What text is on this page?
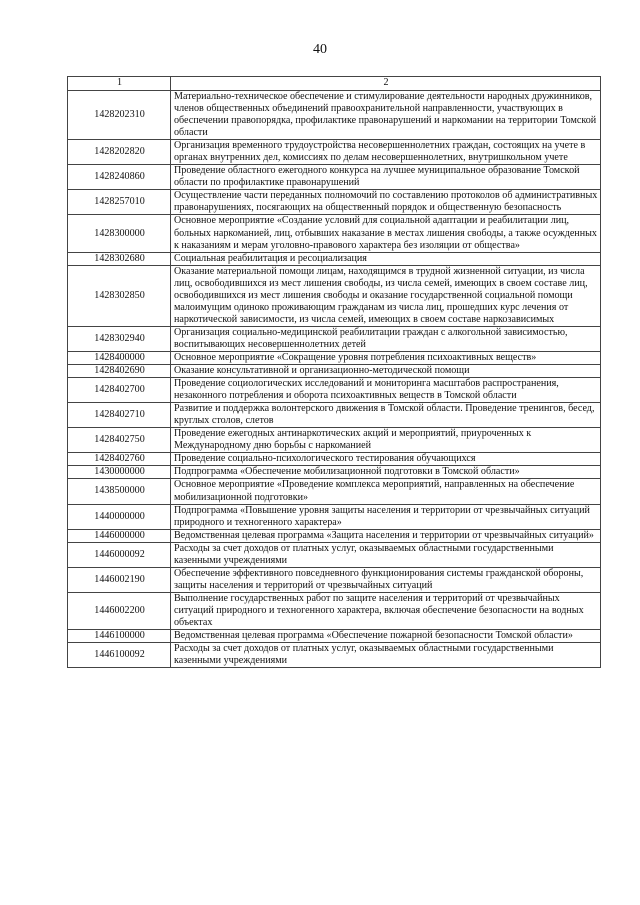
40
1	2
1428202310	Материально-техническое обеспечение и стимулирование деятельности народных дружинников, членов общественных объединений правоохранительной направленности, участвующих в обеспечении правопорядка, профилактике правонарушений и наркомании на территории Томской области
1428202820	Организация временного трудоустройства несовершеннолетних граждан, состоящих на учете в органах внутренних дел, комиссиях по делам несовершеннолетних, внутришкольном учете
1428240860	Проведение областного ежегодного конкурса на лучшее муниципальное образование Томской области по профилактике правонарушений
1428257010	Осуществление части переданных полномочий по составлению протоколов об административных правонарушениях, посягающих на общественный порядок и общественную безопасность
1428300000	Основное мероприятие «Создание условий для социальной адаптации и реабилитации лиц, больных наркоманией, лиц, отбывших наказание в местах лишения свободы, а также осужденных к наказаниям и мерам уголовно-правового характера без изоляции от общества»
1428302680	Социальная реабилитация и ресоциализация
1428302850	Оказание материальной помощи лицам, находящимся в трудной жизненной ситуации, из числа лиц, освободившихся из мест лишения свободы, из числа семей, имеющих в своем составе лиц, освободившихся из мест лишения свободы и оказание государственной социальной помощи малоимущим одиноко проживающим гражданам из числа лиц, прошедших курс лечения от наркотической зависимости, из числа семей, имеющих в своем составе наркозависимых
1428302940	Организация социально-медицинской реабилитации граждан с алкогольной зависимостью, воспитывающих несовершеннолетних детей
1428400000	Основное мероприятие «Сокращение уровня потребления психоактивных веществ»
1428402690	Оказание консультативной и организационно-методической помощи
1428402700	Проведение социологических исследований и мониторинга масштабов распространения, незаконного потребления и оборота психоактивных веществ в Томской области
1428402710	Развитие и поддержка волонтерского движения в Томской области. Проведение тренингов, бесед, круглых столов, слетов
1428402750	Проведение ежегодных антинаркотических акций и мероприятий, приуроченных к Международному дню борьбы с наркоманией
1428402760	Проведение социально-психологического тестирования обучающихся
1430000000	Подпрограмма «Обеспечение мобилизационной подготовки в Томской области»
1438500000	Основное мероприятие «Проведение комплекса мероприятий, направленных на обеспечение мобилизационной подготовки»
1440000000	Подпрограмма «Повышение уровня защиты населения и территории от чрезвычайных ситуаций природного и техногенного характера»
1446000000	Ведомственная целевая программа «Защита населения и территории от чрезвычайных ситуаций»
1446000092	Расходы за счет доходов от платных услуг, оказываемых областными государственными казенными учреждениями
1446002190	Обеспечение эффективного повседневного функционирования системы гражданской обороны, защиты населения и территорий от чрезвычайных ситуаций
1446002200	Выполнение государственных работ по защите населения и территорий от чрезвычайных ситуаций природного и техногенного характера, включая обеспечение безопасности на водных объектах
1446100000	Ведомственная целевая программа «Обеспечение пожарной безопасности Томской области»
1446100092	Расходы за счет доходов от платных услуг, оказываемых областными государственными казенными учреждениями
